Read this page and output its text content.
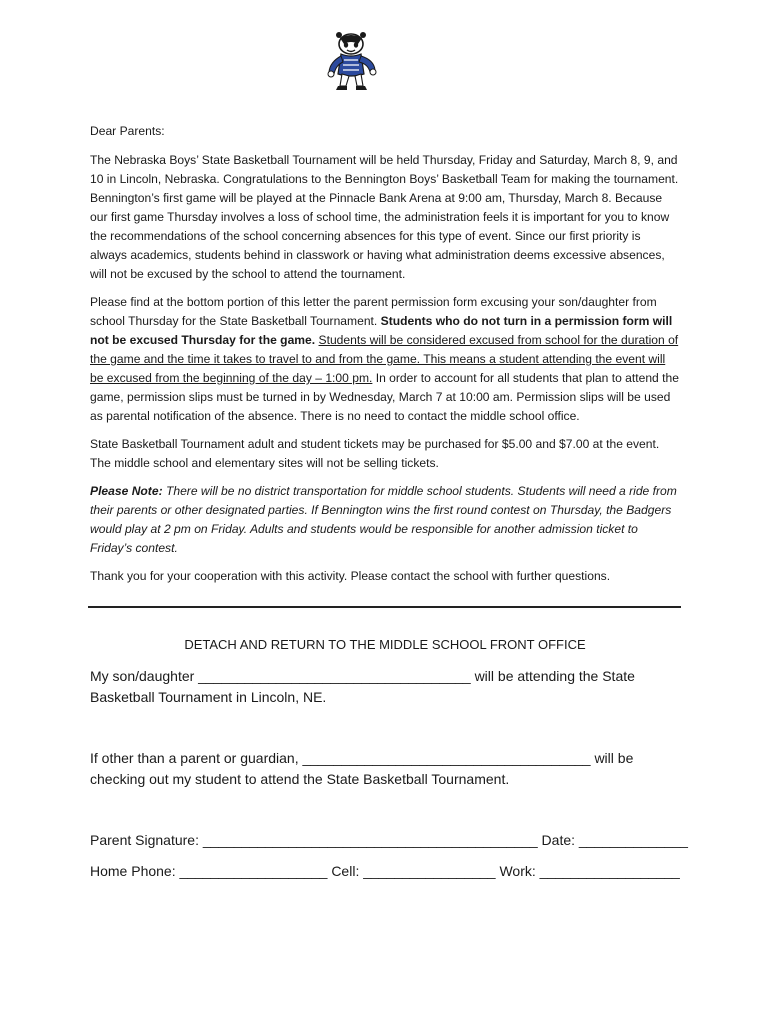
Dear Parents:

The Nebraska Boys’ State Basketball Tournament will be held Thursday, Friday and Saturday, March 8, 9, and 10 in Lincoln, Nebraska. Congratulations to the Bennington Boys’ Basketball Team for making the tournament. Bennington’s first game will be played at the Pinnacle Bank Arena at 9:00 am, Thursday, March 8. Because our first game Thursday involves a loss of school time, the administration feels it is important for you to know the recommendations of the school concerning absences for this type of event. Since our first priority is always academics, students behind in classwork or having what administration deems excessive absences, will not be excused by the school to attend the tournament.

Please find at the bottom portion of this letter the parent permission form excusing your son/daughter from school Thursday for the State Basketball Tournament. Students who do not turn in a permission form will not be excused Thursday for the game. Students will be considered excused from school for the duration of the game and the time it takes to travel to and from the game. This means a student attending the event will be excused from the beginning of the day – 1:00 pm. In order to account for all students that plan to attend the game, permission slips must be turned in by Wednesday, March 7 at 10:00 am. Permission slips will be used as parental notification of the absence. There is no need to contact the middle school office.

State Basketball Tournament adult and student tickets may be purchased for $5.00 and $7.00 at the event. The middle school and elementary sites will not be selling tickets.

Please Note: There will be no district transportation for middle school students. Students will need a ride from their parents or other designated parties. If Bennington wins the first round contest on Thursday, the Badgers would play at 2 pm on Friday. Adults and students would be responsible for another admission ticket to Friday’s contest.

Thank you for your cooperation with this activity. Please contact the school with further questions.

DETACH AND RETURN TO THE MIDDLE SCHOOL FRONT OFFICE
My son/daughter ___________________________________ will be attending the State Basketball Tournament in Lincoln, NE.
If other than a parent or guardian, _____________________________________ will be checking out my student to attend the State Basketball Tournament.
Parent Signature: ___________________________________________ Date: ______________
Home Phone: ___________________ Cell: _________________ Work: __________________
